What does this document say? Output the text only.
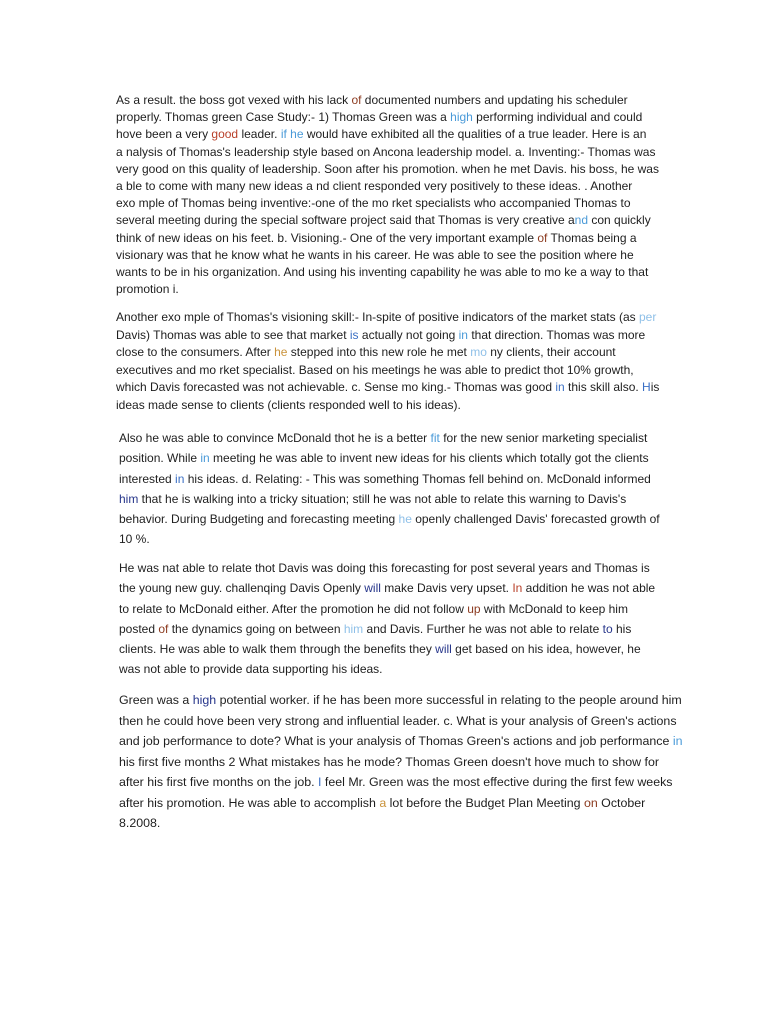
As a result. the boss got vexed with his lack of documented numbers and updating his scheduler
properly. Thomas green Case Study:- 1) Thomas Green was a high performing individual and could
hove been a very good leader. if he would have exhibited all the qualities of a true leader. Here is an
a nalysis of Thomas's leadership style based on Ancona leadership model. a. Inventing:- Thomas was
very good on this quality of leadership. Soon after his promotion. when he met Davis. his boss, he was
a ble to come with many new ideas a nd client responded very positively to these ideas. . Another
exo mple of Thomas being inventive:-one of the mo rket specialists who accompanied Thomas to
several meeting during the special software project said that Thomas is very creative and con quickly
think of new ideas on his feet. b. Visioning.- One of the very important example of Thomas being a
visionary was that he know what he wants in his career. He was able to see the position where he
wants to be in his organization. And using his inventing capability he was able to mo ke a way to that
promotion i.

Another exo mple of Thomas's visioning skill:- In-spite of positive indicators of the market stats (as per
Davis) Thomas was able to see that market is actually not going in that direction. Thomas was more
close to the consumers. After he stepped into this new role he met mo ny clients, their account
executives and mo rket specialist. Based on his meetings he was able to predict thot 10% growth,
which Davis forecasted was not achievable. c. Sense mo king.- Thomas was good in this skill also. His
ideas made sense to clients (clients responded well to his ideas).

Also he was able to convince McDonald thot he is a better fit for the new senior marketing specialist
position. While in meeting he was able to invent new ideas for his clients which totally got the clients
interested in his ideas. d. Relating: - This was something Thomas fell behind on. McDonald informed
him that he is walking into a tricky situation; still he was not able to relate this warning to Davis's
behavior. During Budgeting and forecasting meeting he openly challenged Davis' forecasted growth of
10 %.

He was nat able to relate thot Davis was doing this forecasting for post several years and Thomas is
the young new guy. challenqing Davis Openly will make Davis very upset. In addition he was not able
to relate to McDonald either. After the promotion he did not follow up with McDonald to keep him
posted of the dynamics going on between him and Davis. Further he was not able to relate to his
clients. He was able to walk them through the benefits they will get based on his idea, however, he
was not able to provide data supporting his ideas.

Green was a high potential worker. if he has been more successful in relating to the people around him
then he could hove been very strong and influential leader. c. What is your analysis of Green's actions
and job performance to dote? What is your analysis of Thomas Green's actions and job performance in
his first five months 2 What mistakes has he mode? Thomas Green doesn't hove much to show for
after his first five months on the job. I feel Mr. Green was the most effective during the first few weeks
after his promotion. He was able to accomplish a lot before the Budget Plan Meeting on October
8.2008.
